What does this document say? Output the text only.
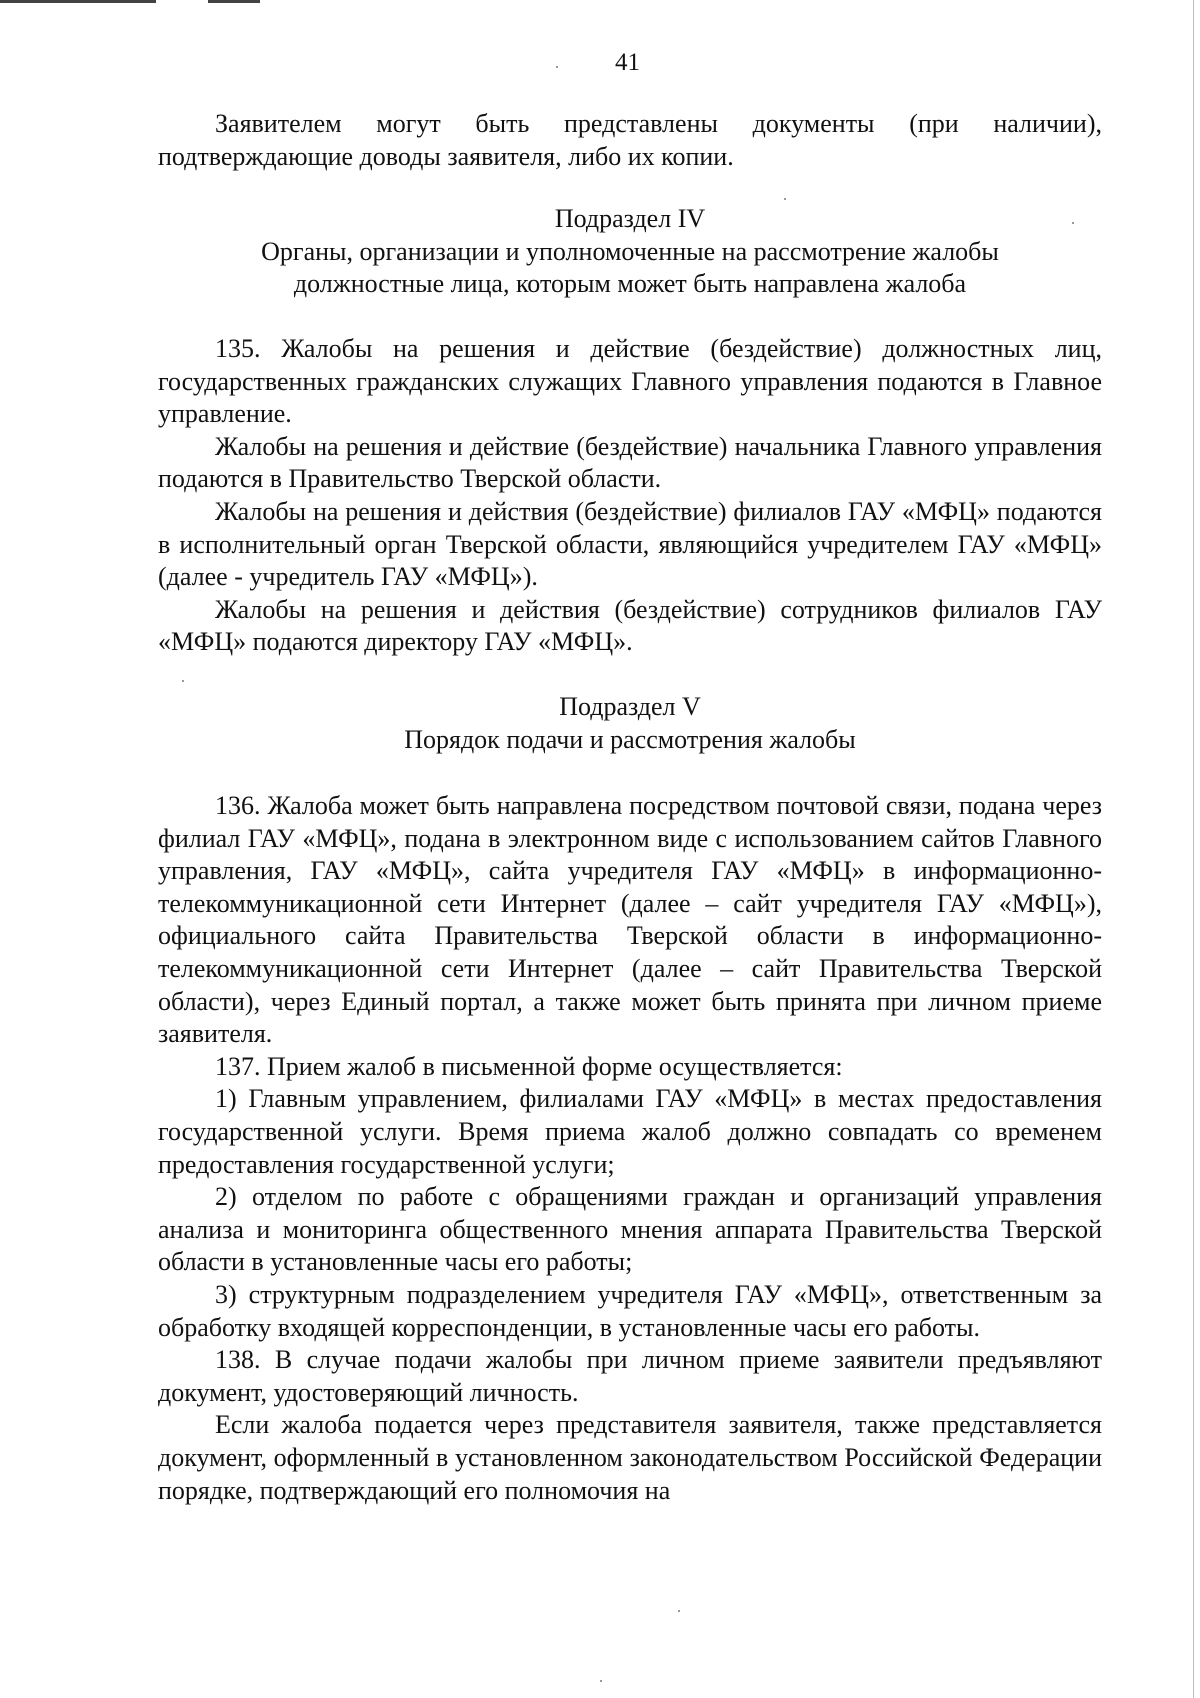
41

Заявителем могут быть представлены документы (при наличии), подтверждающие доводы заявителя, либо их копии.

Подраздел IV
Органы, организации и уполномоченные на рассмотрение жалобы
должностные лица, которым может быть направлена жалоба

135. Жалобы на решения и действие (бездействие) должностных лиц, государственных гражданских служащих Главного управления подаются в Главное управление.

Жалобы на решения и действие (бездействие) начальника Главного управления подаются в Правительство Тверской области.

Жалобы на решения и действия (бездействие) филиалов ГАУ «МФЦ» подаются в исполнительный орган Тверской области, являющийся учредителем ГАУ «МФЦ» (далее - учредитель ГАУ «МФЦ»).

Жалобы на решения и действия (бездействие) сотрудников филиалов ГАУ «МФЦ» подаются директору ГАУ «МФЦ».

Подраздел V
Порядок подачи и рассмотрения жалобы

136. Жалоба может быть направлена посредством почтовой связи, подана через филиал ГАУ «МФЦ», подана в электронном виде с использованием сайтов Главного управления, ГАУ «МФЦ», сайта учредителя ГАУ «МФЦ» в информационно-телекоммуникационной сети Интернет (далее – сайт учредителя ГАУ «МФЦ»), официального сайта Правительства Тверской области в информационно-телекоммуникационной сети Интернет (далее – сайт Правительства Тверской области), через Единый портал, а также может быть принята при личном приеме заявителя.

137. Прием жалоб в письменной форме осуществляется:

1) Главным управлением, филиалами ГАУ «МФЦ» в местах предоставления государственной услуги. Время приема жалоб должно совпадать со временем предоставления государственной услуги;

2) отделом по работе с обращениями граждан и организаций управления анализа и мониторинга общественного мнения аппарата Правительства Тверской области в установленные часы его работы;

3) структурным подразделением учредителя ГАУ «МФЦ», ответственным за обработку входящей корреспонденции, в установленные часы его работы.

138. В случае подачи жалобы при личном приеме заявители предъявляют документ, удостоверяющий личность.

Если жалоба подается через представителя заявителя, также представляется документ, оформленный в установленном законодательством Российской Федерации порядке, подтверждающий его полномочия на
